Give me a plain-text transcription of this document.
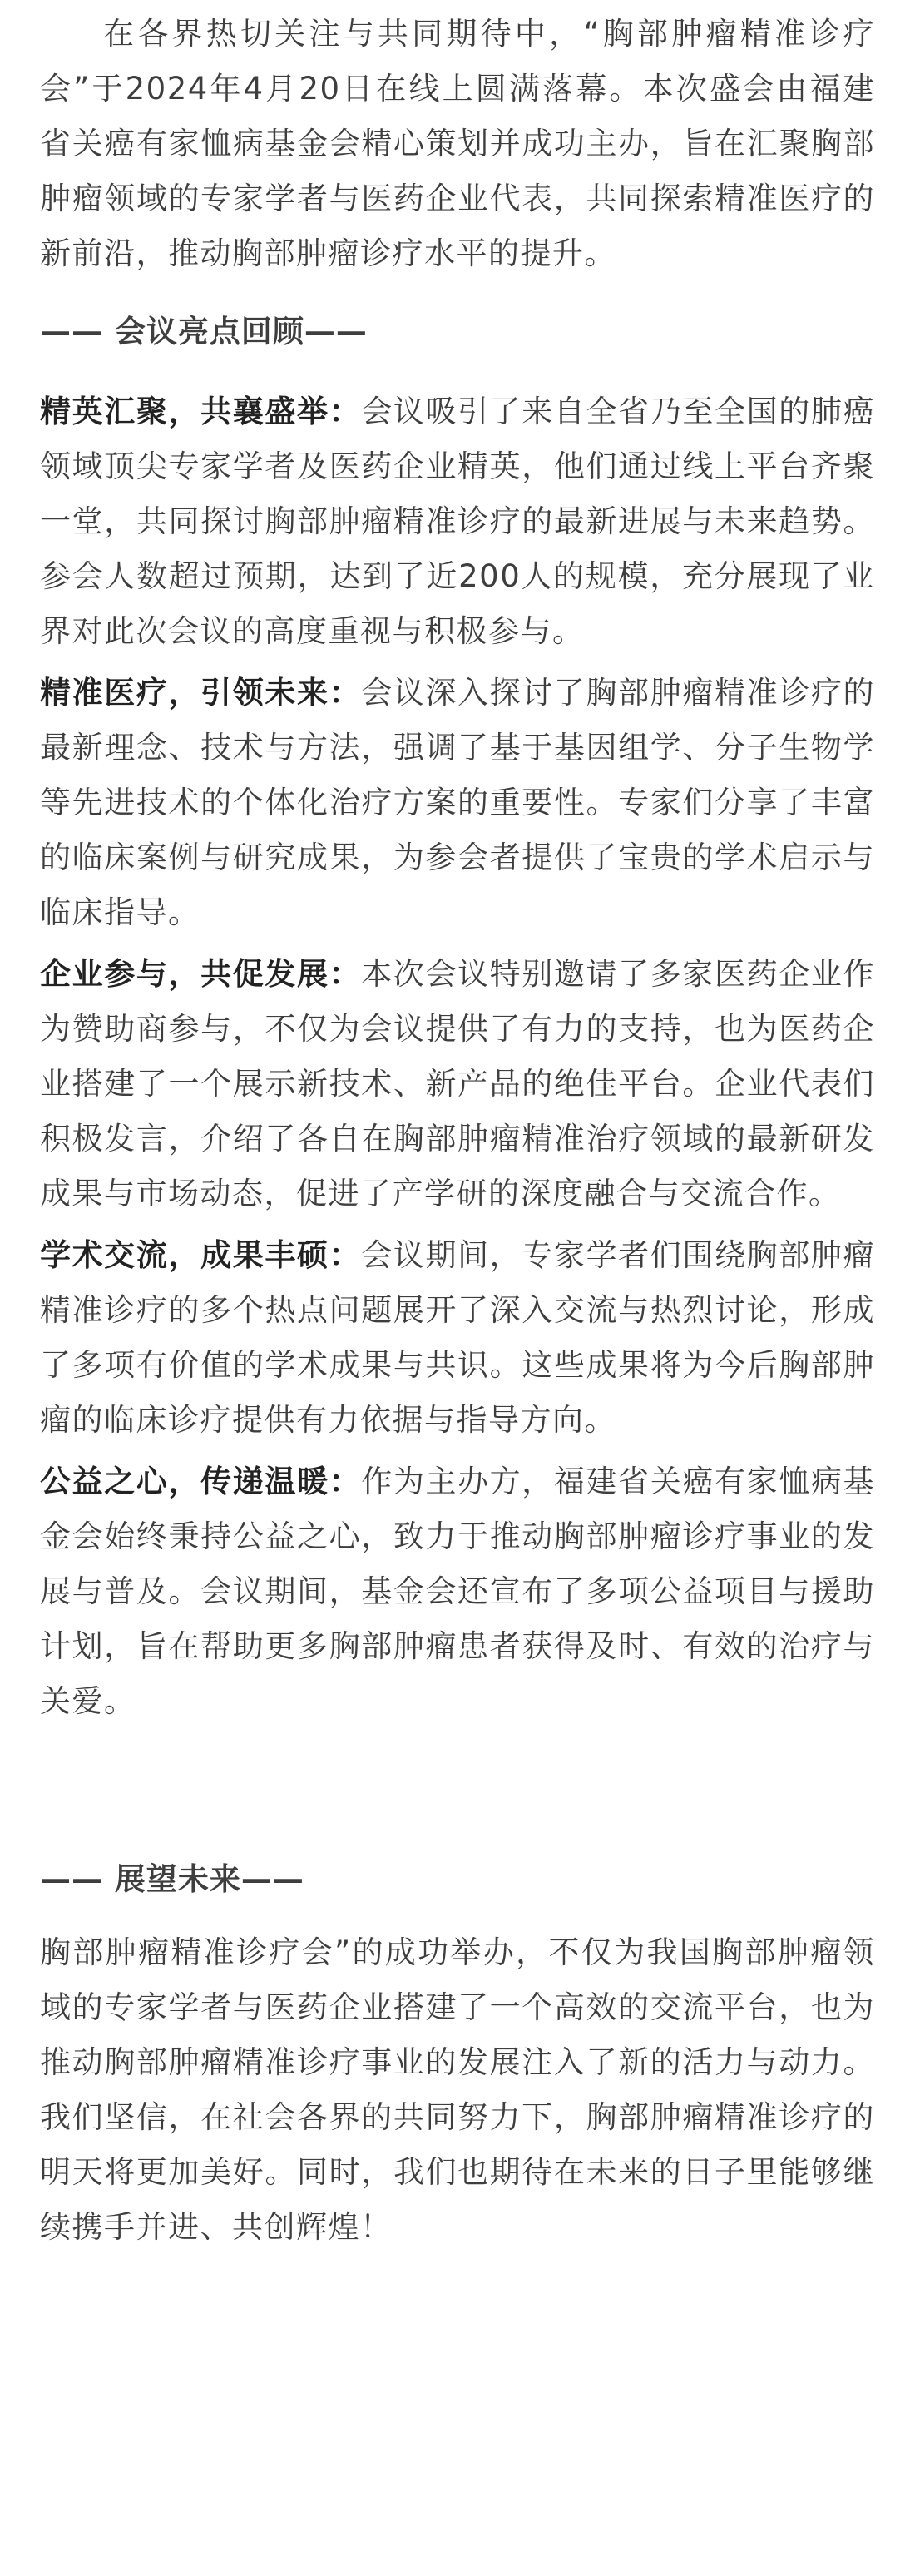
在各界热切关注与共同期待中，“胸部肿瘤精准诊疗会”于2024年4月20日在线上圆满落幕。本次盛会由福建省关癌有家恤病基金会精心策划并成功主办，旨在汇聚胸部肿瘤领域的专家学者与医药企业代表，共同探索精准医疗的新前沿，推动胸部肿瘤诊疗水平的提升。

—— 会议亮点回顾——

精英汇聚，共襄盛举：会议吸引了来自全省乃至全国的肺癌领域顶尖专家学者及医药企业精英，他们通过线上平台齐聚一堂，共同探讨胸部肿瘤精准诊疗的最新进展与未来趋势。参会人数超过预期，达到了近200人的规模，充分展现了业界对此次会议的高度重视与积极参与。

精准医疗，引领未来：会议深入探讨了胸部肿瘤精准诊疗的最新理念、技术与方法，强调了基于基因组学、分子生物学等先进技术的个体化治疗方案的重要性。专家们分享了丰富的临床案例与研究成果，为参会者提供了宝贵的学术启示与临床指导。

企业参与，共促发展：本次会议特别邀请了多家医药企业作为赞助商参与，不仅为会议提供了有力的支持，也为医药企业搭建了一个展示新技术、新产品的绝佳平台。企业代表们积极发言，介绍了各自在胸部肿瘤精准治疗领域的最新研发成果与市场动态，促进了产学研的深度融合与交流合作。

学术交流，成果丰硕：会议期间，专家学者们围绕胸部肿瘤精准诊疗的多个热点问题展开了深入交流与热烈讨论，形成了多项有价值的学术成果与共识。这些成果将为今后胸部肿瘤的临床诊疗提供有力依据与指导方向。

公益之心，传递温暖：作为主办方，福建省关癌有家恤病基金会始终秉持公益之心，致力于推动胸部肿瘤诊疗事业的发展与普及。会议期间，基金会还宣布了多项公益项目与援助计划，旨在帮助更多胸部肿瘤患者获得及时、有效的治疗与关爱。

—— 展望未来——

胸部肿瘤精准诊疗会”的成功举办，不仅为我国胸部肿瘤领域的专家学者与医药企业搭建了一个高效的交流平台，也为推动胸部肿瘤精准诊疗事业的发展注入了新的活力与动力。我们坚信，在社会各界的共同努力下，胸部肿瘤精准诊疗的明天将更加美好。同时，我们也期待在未来的日子里能够继续携手并进、共创辉煌！
